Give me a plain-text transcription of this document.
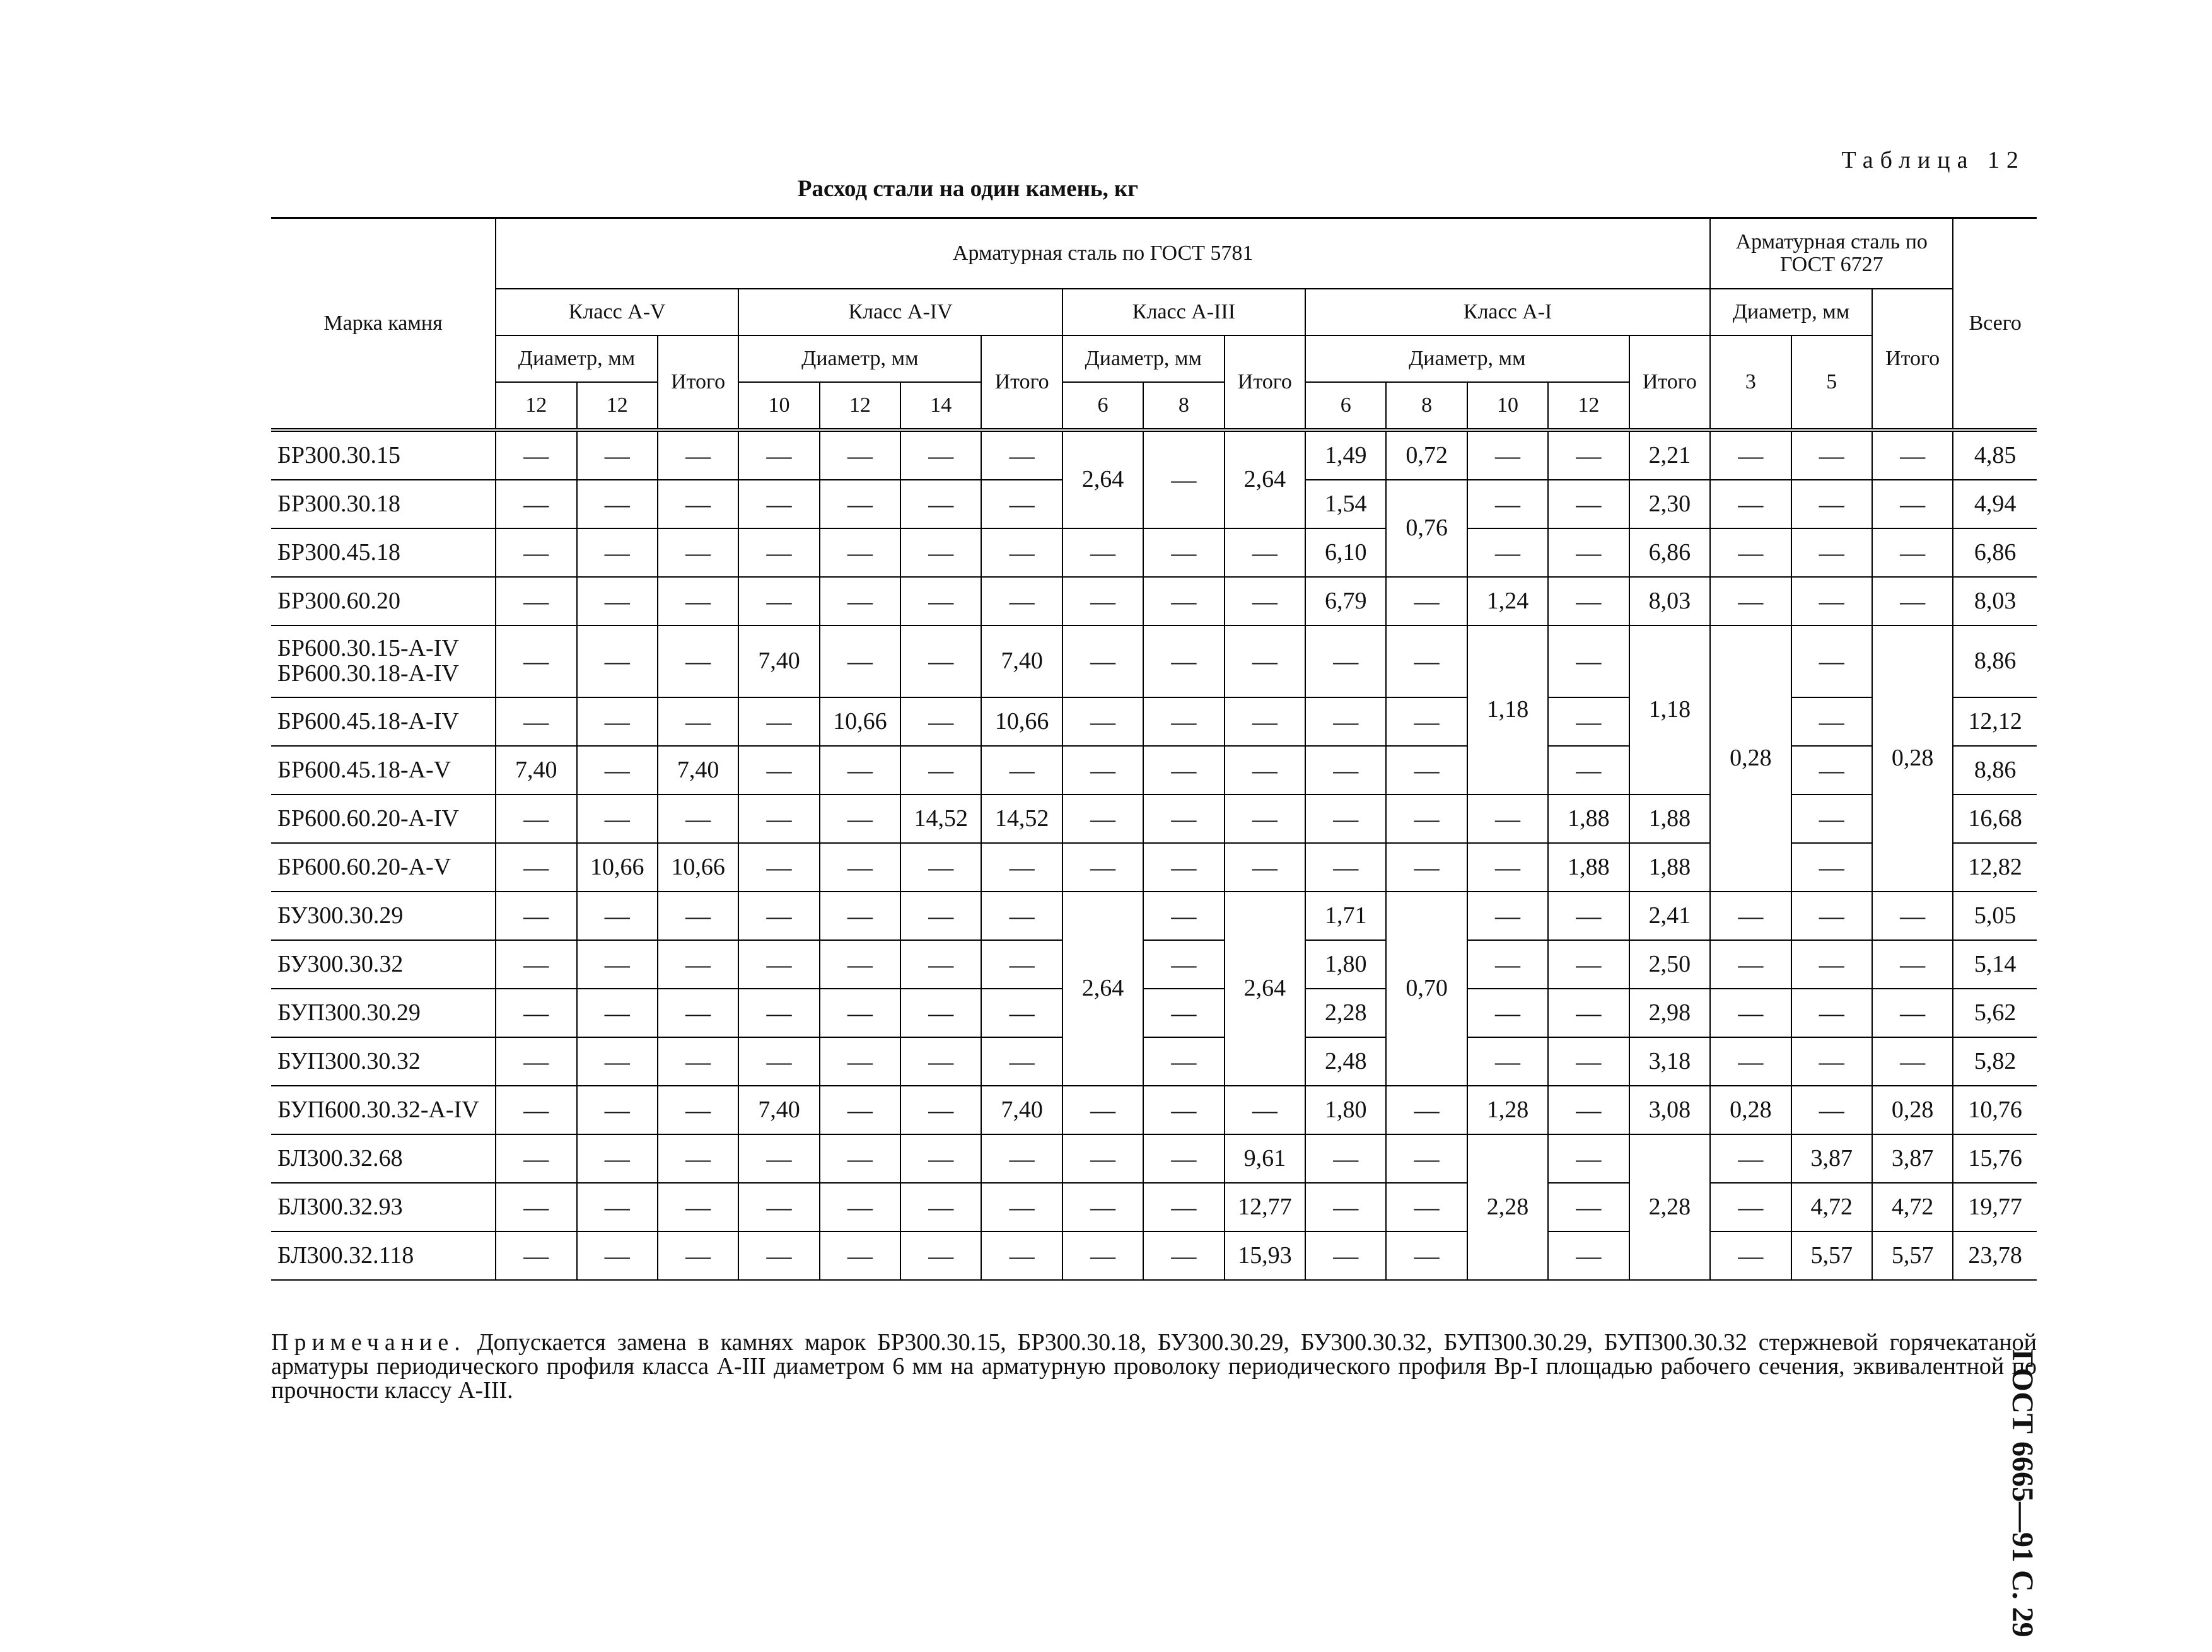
Таблица 12
Расход стали на один камень, кг
Марка камня	Арматурная сталь по ГОСТ 5781															Арматурная сталь по ГОСТ 6727			Всего
	Класс А-V			Класс А-IV				Класс А-III			Класс А-I					Диаметр, мм		Итого	
	Диаметр, мм		Итого	Диаметр, мм			Итого	Диаметр, мм		Итого	Диаметр, мм				Итого	3	5		
	12	12		10	12	14		6	8		6	8	10	12					
БР300.30.15	—	—	—	—	—	—	—	2,64	—	2,64	1,49	0,72	—	—	2,21	—	—	—	4,85
БР300.30.18	—	—	—	—	—	—	—				1,54	0,76	—	—	2,30	—	—	—	4,94
БР300.45.18	—	—	—	—	—	—	—	—	—	—	6,10		—	—	6,86	—	—	—	6,86
БР300.60.20	—	—	—	—	—	—	—	—	—	—	6,79	—	1,24	—	8,03	—	—	—	8,03
БР600.30.15-А-IV
БР600.30.18-А-IV	—	—	—	7,40	—	—	7,40	—	—	—	—	—	1,18	—	1,18	0,28	—	0,28	8,86
БР600.45.18-А-IV	—	—	—	—	10,66	—	10,66	—	—	—	—	—		—			—		12,12
БР600.45.18-А-V	7,40	—	7,40	—	—	—	—	—	—	—	—	—		—			—		8,86
БР600.60.20-А-IV	—	—	—	—	—	14,52	14,52	—	—	—	—	—	—	1,88	1,88		—		16,68
БР600.60.20-А-V	—	10,66	10,66	—	—	—	—	—	—	—	—	—	—	1,88	1,88		—		12,82
БУ300.30.29	—	—	—	—	—	—	—	2,64	—	2,64	1,71	0,70	—	—	2,41	—	—	—	5,05
БУ300.30.32	—	—	—	—	—	—	—		—		1,80		—	—	2,50	—	—	—	5,14
БУП300.30.29	—	—	—	—	—	—	—		—		2,28		—	—	2,98	—	—	—	5,62
БУП300.30.32	—	—	—	—	—	—	—		—		2,48		—	—	3,18	—	—	—	5,82
БУП600.30.32-А-IV	—	—	—	7,40	—	—	7,40	—	—	—	1,80	—	1,28	—	3,08	0,28	—	0,28	10,76
БЛ300.32.68	—	—	—	—	—	—	—	—	—	9,61	—	—	2,28	—	2,28	—	3,87	3,87	15,76
БЛ300.32.93	—	—	—	—	—	—	—	—	—	12,77	—	—		—		—	4,72	4,72	19,77
БЛ300.32.118	—	—	—	—	—	—	—	—	—	15,93	—	—		—		—	5,57	5,57	23,78
Примечание. Допускается замена в камнях марок БР300.30.15, БР300.30.18, БУ300.30.29, БУ300.30.32, БУП300.30.29, БУП300.30.32 стержневой горячекатаной арматуры периодического профиля класса А-III диаметром 6 мм на арматурную проволоку периодического профиля Вр-I площадью рабочего сечения, эквивалентной по прочности классу А-III.	ГОСТ 6665—91 С. 29
